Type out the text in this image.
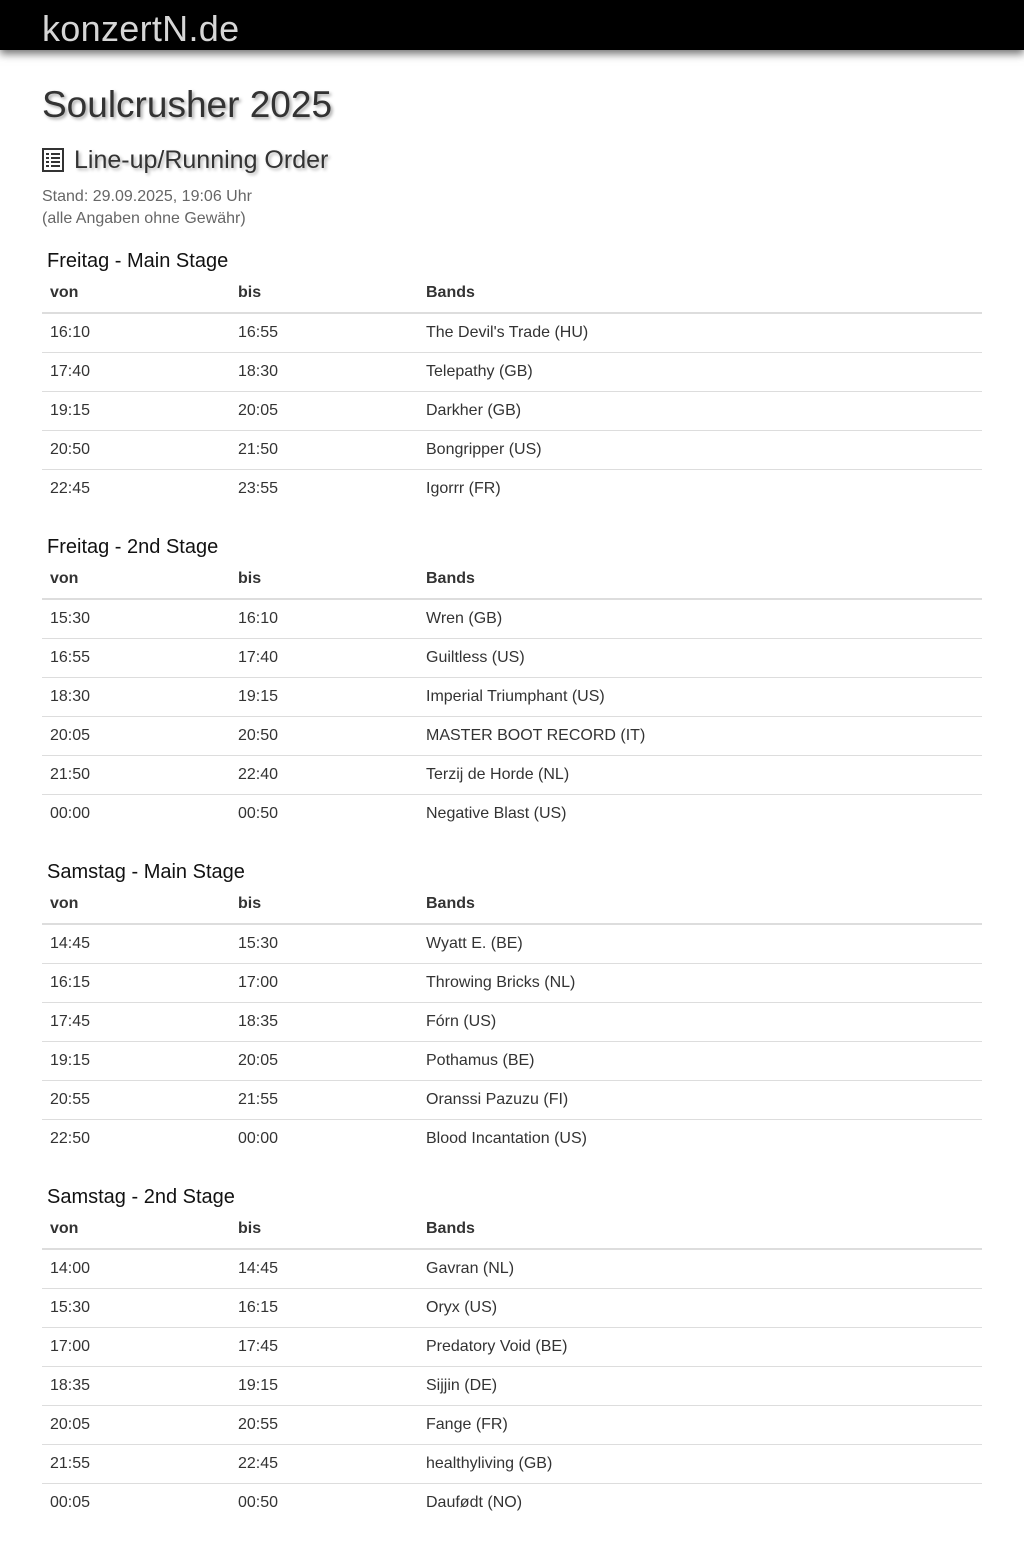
konzertN.de
Soulcrusher 2025
Line-up/Running Order
Stand: 29.09.2025, 19:06 Uhr
(alle Angaben ohne Gewähr)
Freitag - Main Stage
von	bis	Bands
16:10	16:55	The Devil's Trade (HU)
17:40	18:30	Telepathy (GB)
19:15	20:05	Darkher (GB)
20:50	21:50	Bongripper (US)
22:45	23:55	Igorrr (FR)
Freitag - 2nd Stage
von	bis	Bands
15:30	16:10	Wren (GB)
16:55	17:40	Guiltless (US)
18:30	19:15	Imperial Triumphant (US)
20:05	20:50	MASTER BOOT RECORD (IT)
21:50	22:40	Terzij de Horde (NL)
00:00	00:50	Negative Blast (US)
Samstag - Main Stage
von	bis	Bands
14:45	15:30	Wyatt E. (BE)
16:15	17:00	Throwing Bricks (NL)
17:45	18:35	Fórn (US)
19:15	20:05	Pothamus (BE)
20:55	21:55	Oranssi Pazuzu (FI)
22:50	00:00	Blood Incantation (US)
Samstag - 2nd Stage
von	bis	Bands
14:00	14:45	Gavran (NL)
15:30	16:15	Oryx (US)
17:00	17:45	Predatory Void (BE)
18:35	19:15	Sijjin (DE)
20:05	20:55	Fange (FR)
21:55	22:45	healthyliving (GB)
00:05	00:50	Daufødt (NO)
